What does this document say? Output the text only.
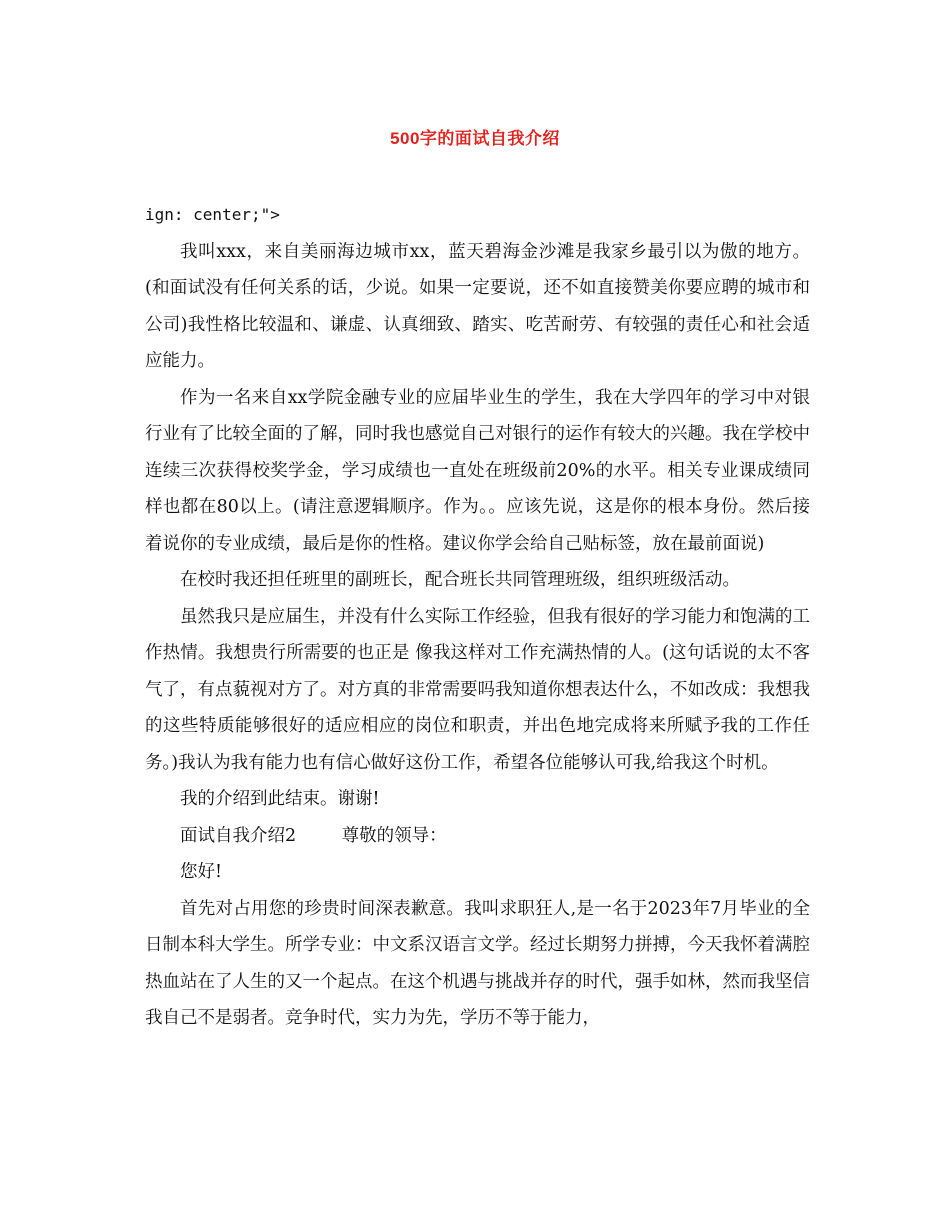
500字的面试自我介绍

ign: center;">

我叫xxx，来自美丽海边城市xx，蓝天碧海金沙滩是我家乡最引以为傲的地方。(和面试没有任何关系的话，少说。如果一定要说，还不如直接赞美你要应聘的城市和公司)我性格比较温和、谦虚、认真细致、踏实、吃苦耐劳、有较强的责任心和社会适应能力。

作为一名来自xx学院金融专业的应届毕业生的学生，我在大学四年的学习中对银行业有了比较全面的了解，同时我也感觉自己对银行的运作有较大的兴趣。我在学校中连续三次获得校奖学金，学习成绩也一直处在班级前20%的水平。相关专业课成绩同样也都在80以上。(请注意逻辑顺序。作为。。应该先说，这是你的根本身份。然后接着说你的专业成绩，最后是你的性格。建议你学会给自己贴标签，放在最前面说)

在校时我还担任班里的副班长，配合班长共同管理班级，组织班级活动。

虽然我只是应届生，并没有什么实际工作经验，但我有很好的学习能力和饱满的工作热情。我想贵行所需要的也正是 像我这样对工作充满热情的人。(这句话说的太不客气了，有点藐视对方了。对方真的非常需要吗我知道你想表达什么，不如改成：我想我的这些特质能够很好的适应相应的岗位和职责，并出色地完成将来所赋予我的工作任务。)我认为我有能力也有信心做好这份工作，希望各位能够认可我,给我这个时机。

我的介绍到此结束。谢谢!

面试自我介绍2	尊敬的领导：

您好!

首先对占用您的珍贵时间深表歉意。我叫求职狂人,是一名于2023年7月毕业的全日制本科大学生。所学专业：中文系汉语言文学。经过长期努力拼搏，今天我怀着满腔热血站在了人生的又一个起点。在这个机遇与挑战并存的时代，强手如林，然而我坚信我自己不是弱者。竞争时代，实力为先，学历不等于能力，
